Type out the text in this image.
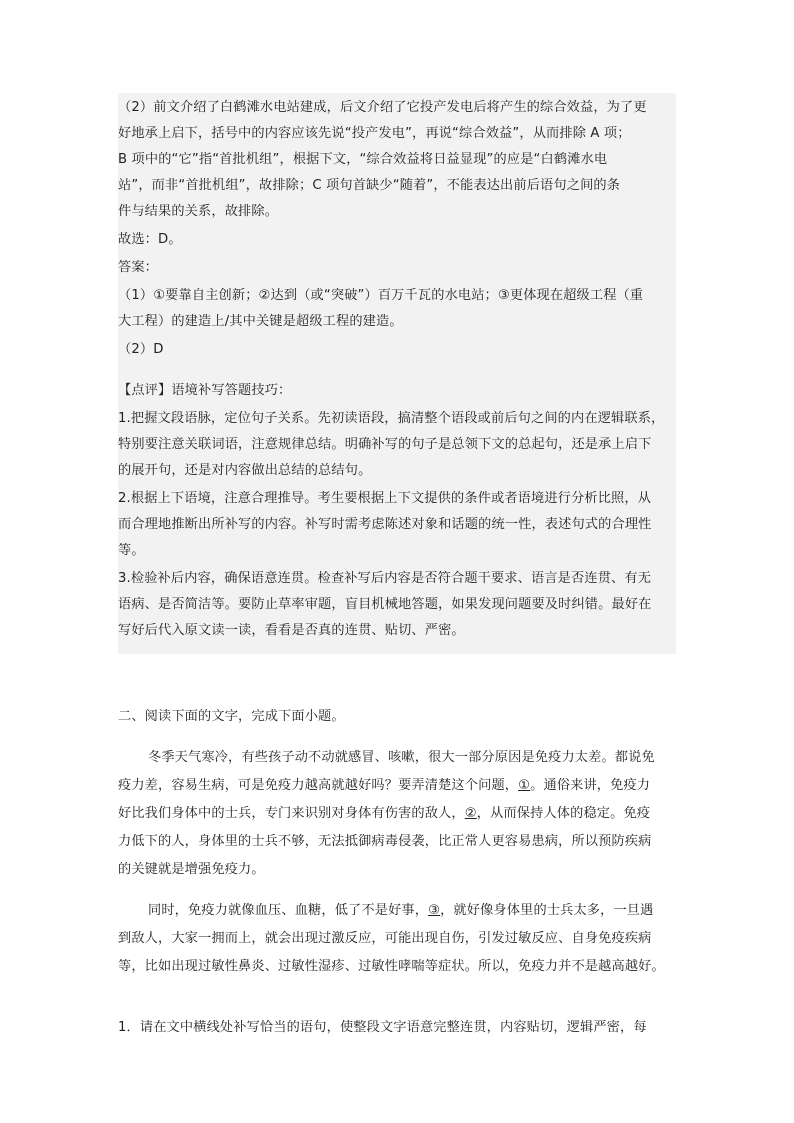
（2）前文介绍了白鹤滩水电站建成，后文介绍了它投产发电后将产生的综合效益，为了更
好地承上启下，括号中的内容应该先说“投产发电”，再说“综合效益”，从而排除 A 项；
B 项中的“它”指“首批机组”，根据下文，“综合效益将日益显现”的应是“白鹤滩水电
站”，而非“首批机组”，故排除；C 项句首缺少“随着”，不能表达出前后语句之间的条
件与结果的关系，故排除。
故选：D。
答案：
（1）①要靠自主创新；②达到（或“突破”）百万千瓦的水电站；③更体现在超级工程（重
大工程）的建造上/其中关键是超级工程的建造。
（2）D
【点评】语境补写答题技巧：
1.把握文段语脉，定位句子关系。先初读语段，搞清整个语段或前后句之间的内在逻辑联系，
特别要注意关联词语，注意规律总结。明确补写的句子是总领下文的总起句，还是承上启下
的展开句，还是对内容做出总结的总结句。
2.根据上下语境，注意合理推导。考生要根据上下文提供的条件或者语境进行分析比照，从
而合理地推断出所补写的内容。补写时需考虑陈述对象和话题的统一性，表述句式的合理性
等。
3.检验补后内容，确保语意连贯。检查补写后内容是否符合题干要求、语言是否连贯、有无
语病、是否简洁等。要防止草率审题，盲目机械地答题，如果发现问题要及时纠错。最好在
写好后代入原文读一读，看看是否真的连贯、贴切、严密。
二、阅读下面的文字，完成下面小题。
冬季天气寒冷，有些孩子动不动就感冒、咳嗽，很大一部分原因是免疫力太差。都说免
疫力差，容易生病，可是免疫力越高就越好吗？要弄清楚这个问题，①。通俗来讲，免疫力
好比我们身体中的士兵，专门来识别对身体有伤害的敌人，②，从而保持人体的稳定。免疫
力低下的人，身体里的士兵不够，无法抵御病毒侵袭，比正常人更容易患病，所以预防疾病
的关键就是增强免疫力。
同时，免疫力就像血压、血糖，低了不是好事，③，就好像身体里的士兵太多，一旦遇
到敌人，大家一拥而上，就会出现过激反应，可能出现自伤，引发过敏反应、自身免疫疾病
等，比如出现过敏性鼻炎、过敏性湿疹、过敏性哮喘等症状。所以，免疫力并不是越高越好。
1．请在文中横线处补写恰当的语句，使整段文字语意完整连贯，内容贴切，逻辑严密，每
